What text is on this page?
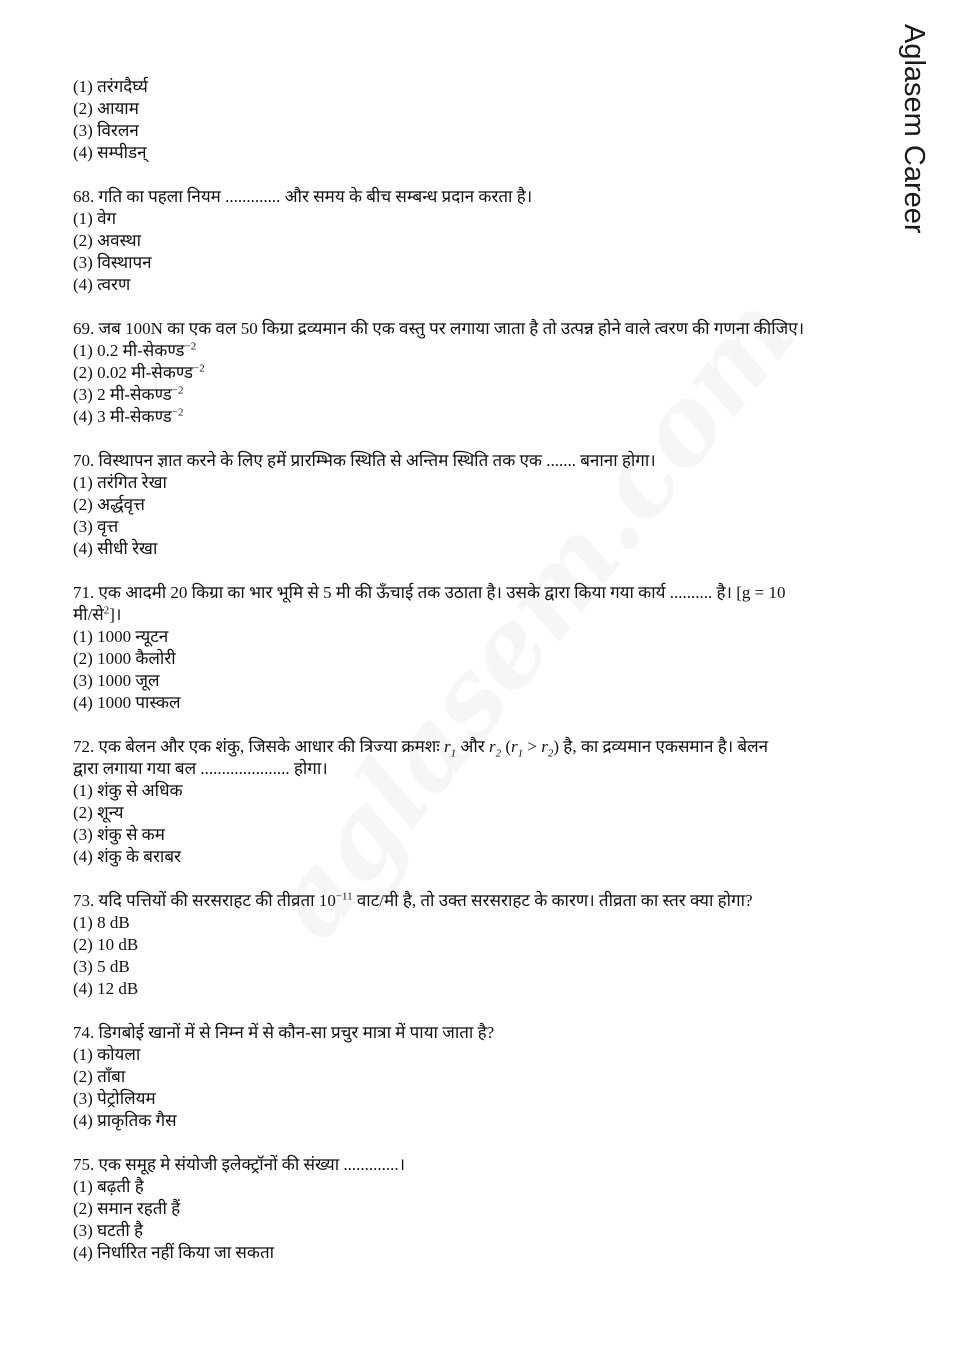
Aglasem Career
(1) तरंगदैर्घ्य
(2) आयाम
(3) विरलन
(4) सम्पीडन्
68. गति का पहला नियम ............. और समय के बीच सम्बन्ध प्रदान करता है।
(1) वेग
(2) अवस्था
(3) विस्थापन
(4) त्वरण
69. जब 100N का एक वल 50 किग्रा द्रव्यमान की एक वस्तु पर लगाया जाता है तो उत्पन्न होने वाले त्वरण की गणना कीजिए।
(1) 0.2 मी-सेकण्ड$^{-2}$
(2) 0.02 मी-सेकण्ड$^{-2}$
(3) 2 मी-सेकण्ड$^{-2}$
(4) 3 मी-सेकण्ड$^{-2}$
70. विस्थापन ज्ञात करने के लिए हमें प्रारम्भिक स्थिति से अन्तिम स्थिति तक एक ....... बनाना होगा।
(1) तरंगित रेखा
(2) अर्द्धवृत्त
(3) वृत्त
(4) सीधी रेखा
71. एक आदमी 20 किग्रा का भार भूमि से 5 मी की ऊँचाई तक उठाता है। उसके द्वारा किया गया कार्य .......... है। [g = 10
मी/से$^2$]।
(1) 1000 न्यूटन
(2) 1000 कैलोरी
(3) 1000 जूल
(4) 1000 पास्कल
72. एक बेलन और एक शंकु, जिसके आधार की त्रिज्या क्रमशः $r_1$ और $r_2$ $(r_1 > r_2)$ है, का द्रव्यमान एकसमान है। बेलन
द्वारा लगाया गया बल ..................... होगा।
(1) शंकु से अधिक
(2) शून्य
(3) शंकु से कम
(4) शंकु के बराबर
73. यदि पत्तियों की सरसराहट की तीव्रता $10^{-11}$ वाट/मी है, तो उक्त सरसराहट के कारण। तीव्रता का स्तर क्या होगा?
(1) 8 dB
(2) 10 dB
(3) 5 dB
(4) 12 dB
74. डिगबोई खानों में से निम्न में से कौन-सा प्रचुर मात्रा में पाया जाता है?
(1) कोयला
(2) ताँबा
(3) पेट्रोलियम
(4) प्राकृतिक गैस
75. एक समूह मे संयोजी इलेक्ट्रॉनों की संख्या .............।
(1) बढ़ती है
(2) समान रहती हैं
(3) घटती है
(4) निर्धारित नहीं किया जा सकता
